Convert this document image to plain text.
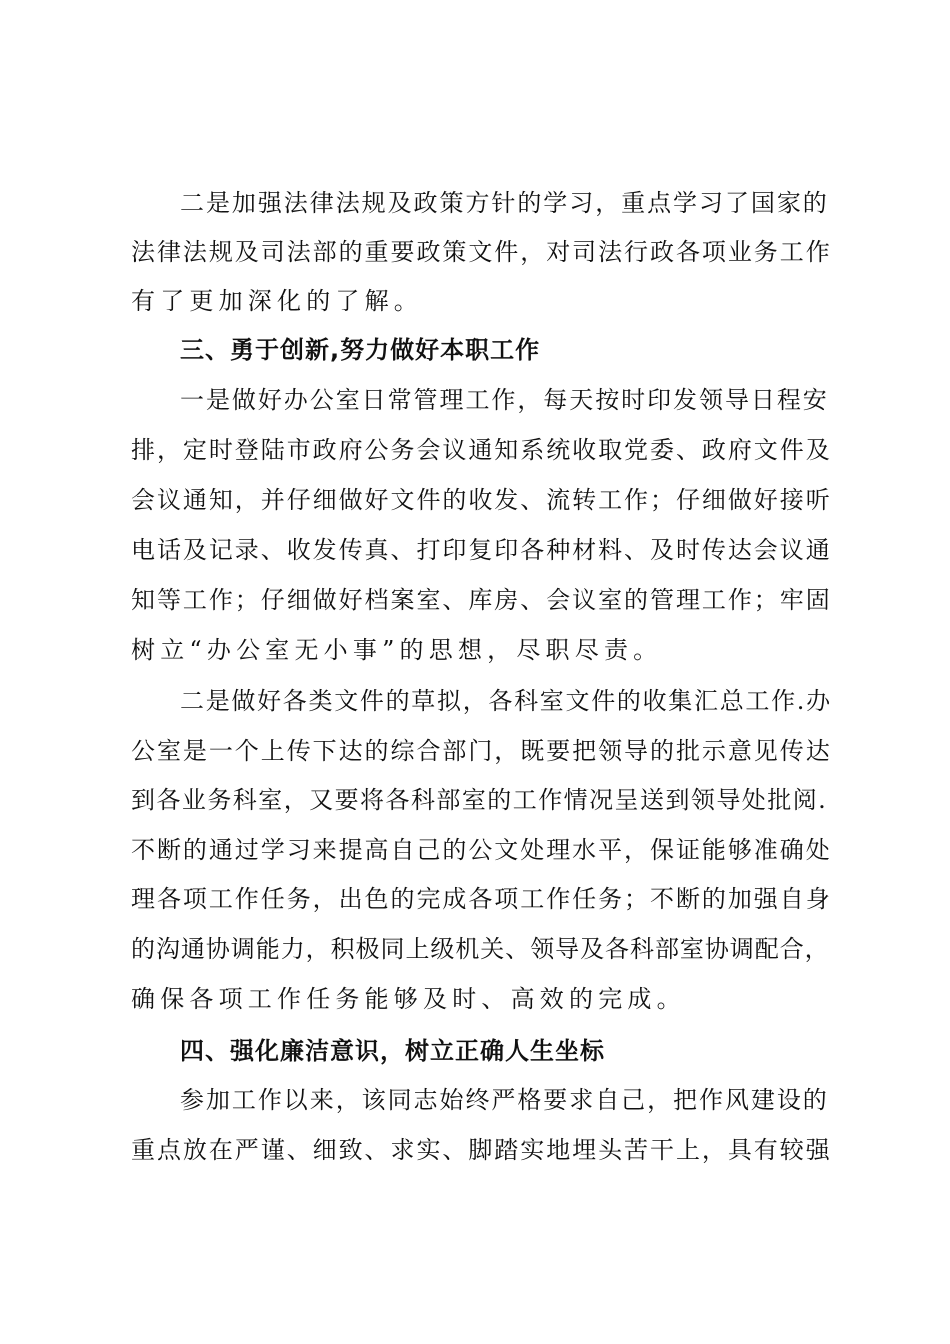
二是加强法律法规及政策方针的学习，重点学习了国家的
法律法规及司法部的重要政策文件，对司法行政各项业务工作
有了更加深化的了解。
三、勇于创新,努力做好本职工作
一是做好办公室日常管理工作，每天按时印发领导日程安
排，定时登陆市政府公务会议通知系统收取党委、政府文件及
会议通知，并仔细做好文件的收发、流转工作；仔细做好接听
电话及记录、收发传真、打印复印各种材料、及时传达会议通
知等工作；仔细做好档案室、库房、会议室的管理工作；牢固
树立“办公室无小事”的思想，尽职尽责。
二是做好各类文件的草拟，各科室文件的收集汇总工作.办
公室是一个上传下达的综合部门，既要把领导的批示意见传达
到各业务科室，又要将各科部室的工作情况呈送到领导处批阅.
不断的通过学习来提高自己的公文处理水平，保证能够准确处
理各项工作任务，出色的完成各项工作任务；不断的加强自身
的沟通协调能力，积极同上级机关、领导及各科部室协调配合，
确保各项工作任务能够及时、高效的完成。
四、强化廉洁意识，树立正确人生坐标
参加工作以来，该同志始终严格要求自己，把作风建设的
重点放在严谨、细致、求实、脚踏实地埋头苦干上，具有较强
